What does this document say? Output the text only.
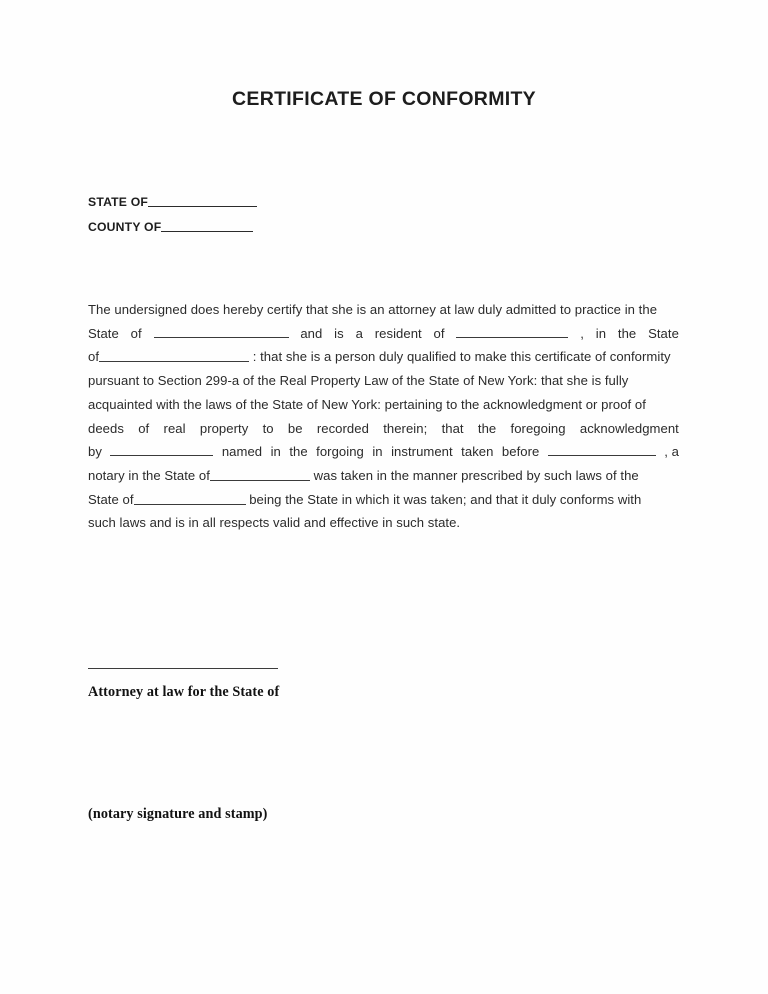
CERTIFICATE OF CONFORMITY
STATE OF
COUNTY OF
The undersigned does hereby certify that she is an attorney at law duly admitted to practice in the
State of	and is a resident of	, in the State
of	: that she is a person duly qualified to make this certificate of conformity
pursuant to Section 299-a of the Real Property Law of the State of New York: that she is fully
acquainted with the laws of the State of New York: pertaining to the acknowledgment or proof of
deeds of real property to be recorded therein; that the foregoing acknowledgment
by	named in the forgoing in instrument taken before	, a
notary in the State of	was taken in the manner prescribed by such laws of the
State of	being the State in which it was taken; and that it duly conforms with
such laws and is in all respects valid and effective in such state.
Attorney at law for the State of
(notary signature and stamp)
